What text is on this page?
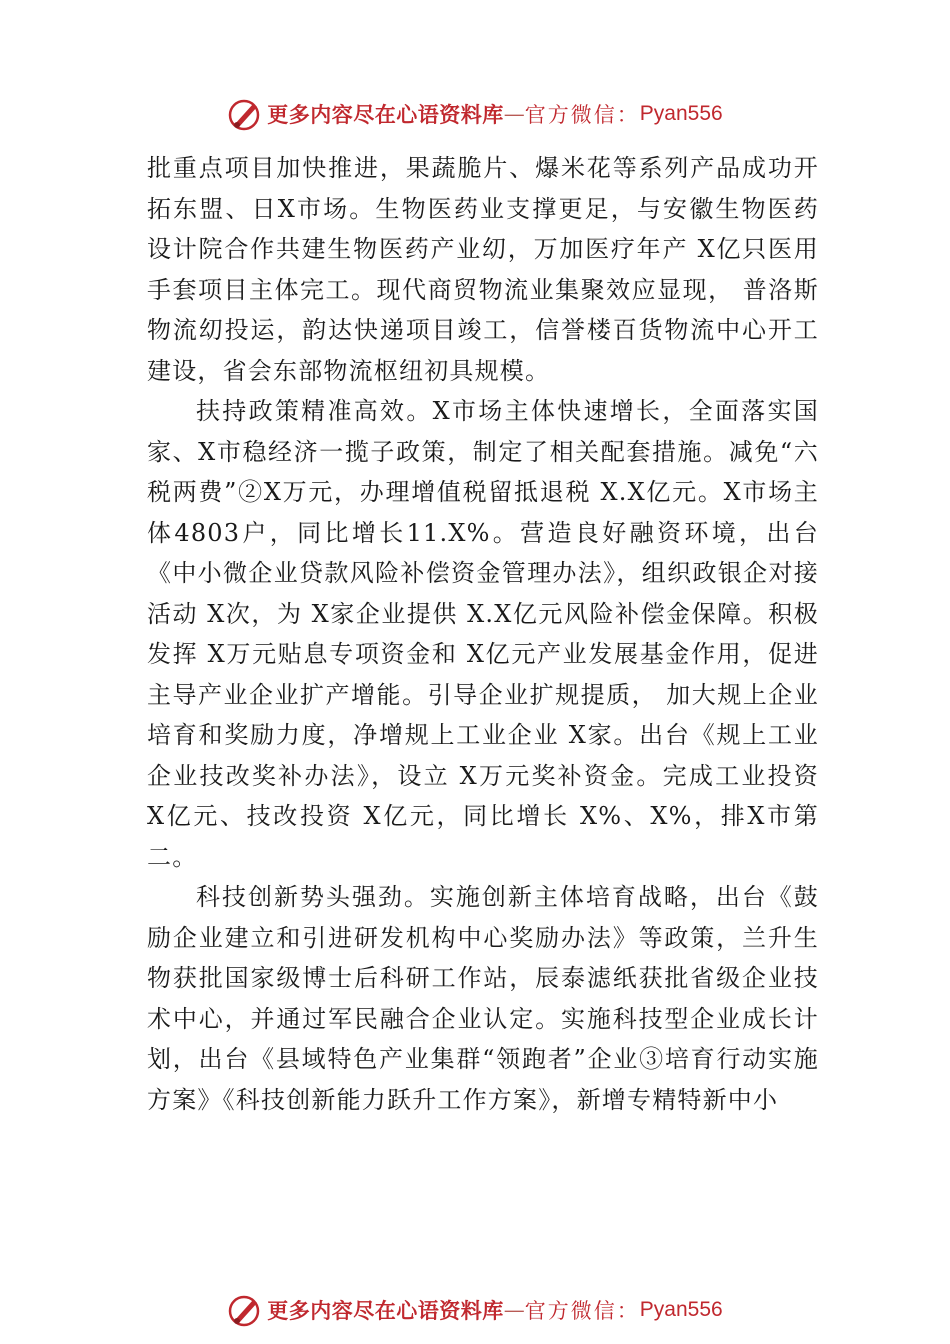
更多内容尽在心语资料库 — 官方微信： Pyan556

批重点项目加快推进，果蔬脆片、爆米花等系列产品成功开拓东盟、日X市场。生物医药业支撑更足，与安徽生物医药设计院合作共建生物医药产业㓜，万加医疗年产 X亿只医用手套项目主体完工。现代商贸物流业集聚效应显现， 普洛斯物流㓜投运，韵达快递项目竣工，信誉楼百货物流中心开工建设，省会东部物流枢纽初具规模。

扶持政策精准高效。X市场主体快速增长，全面落实国家、X市稳经济一揽子政策，制定了相关配套措施。减免“六税两费”②X万元，办理增值税留抵退税 X.X亿元。X市场主体4803户，同比增长11.X%。营造良好融资环境，出台《中小微企业贷款风险补偿资金管理办法》，组织政银企对接活动 X次，为 X家企业提供 X.X亿元风险补偿金保障。积极发挥 X万元贴息专项资金和 X亿元产业发展基金作用，促进主导产业企业扩产增能。引导企业扩规提质， 加大规上企业培育和奖励力度，净增规上工业企业 X家。出台《规上工业企业技改奖补办法》，设立 X万元奖补资金。完成工业投资 X亿元、技改投资 X亿元，同比增长 X%、X%，排X市第二。

科技创新势头强劲。实施创新主体培育战略，出台《鼓励企业建立和引进研发机构中心奖励办法》等政策，兰升生物获批国家级博士后科研工作站，辰泰滤纸获批省级企业技术中心，并通过军民融合企业认定。实施科技型企业成长计划，出台《县域特色产业集群“领跑者”企业③培育行动实施方案》《科技创新能力跃升工作方案》，新增专精特新中小

更多内容尽在心语资料库 — 官方微信： Pyan556
